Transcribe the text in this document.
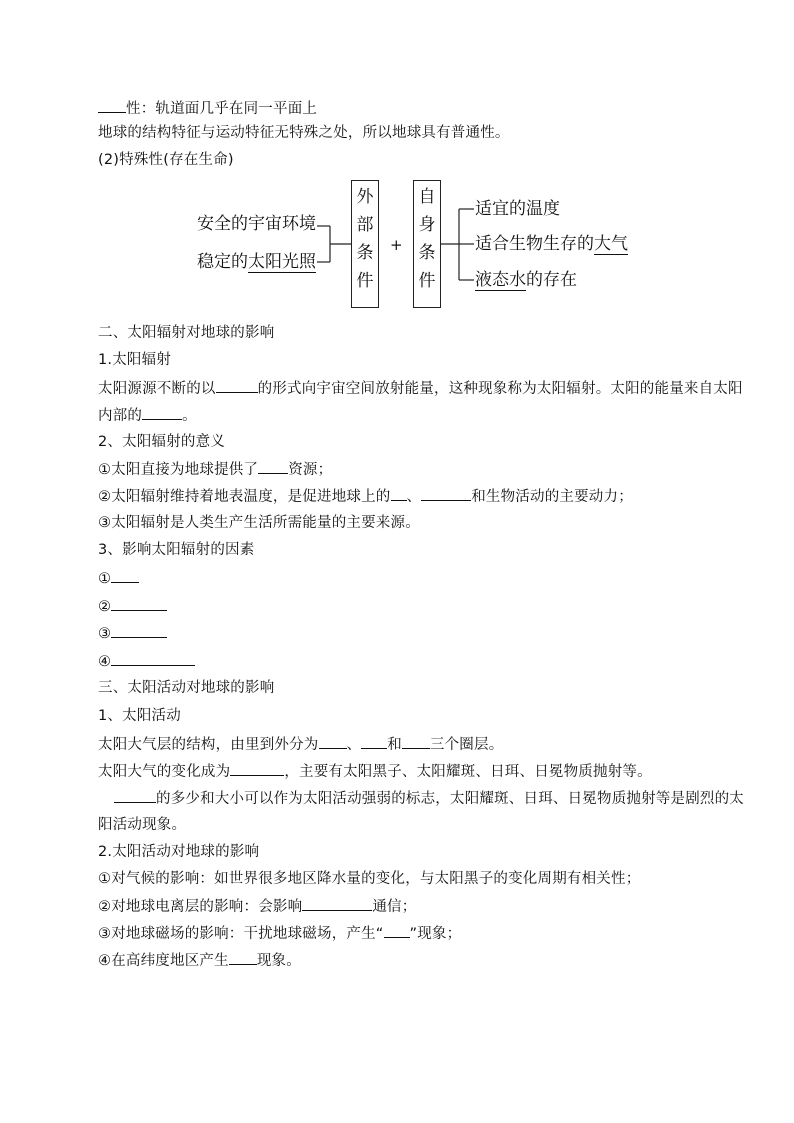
性：轨道面几乎在同一平面上
地球的结构特征与运动特征无特殊之处，所以地球具有普通性。
(2)特殊性(存在生命)
安全的宇宙环境
稳定的太阳光照
外
部
条
件
+
自
身
条
件
适宜的温度
适合生物生存的大气
液态水的存在
二、太阳辐射对地球的影响
1.太阳辐射
太阳源源不断的以	的形式向宇宙空间放射能量，这种现象称为太阳辐射。太阳的能量来自太阳
内部的	。
2、太阳辐射的意义
①太阳直接为地球提供了 资源；
②太阳辐射维持着地表温度，是促进地球上的 、	和生物活动的主要动力；
③太阳辐射是人类生产生活所需能量的主要来源。
3、影响太阳辐射的因素
①
②
③
④
三、太阳活动对地球的影响
1、太阳活动
太阳大气层的结构，由里到外分为 、 和 三个圈层。
太阳大气的变化成为	，主要有太阳黑子、太阳耀斑、日珥、日冕物质抛射等。
的多少和大小可以作为太阳活动强弱的标志，太阳耀斑、日珥、日冕物质抛射等是剧烈的太
阳活动现象。
2.太阳活动对地球的影响
①对气候的影响：如世界很多地区降水量的变化，与太阳黑子的变化周期有相关性；
②对地球电离层的影响：会影响	通信；
③对地球磁场的影响：干扰地球磁场，产生“ ”现象；
④在高纬度地区产生 现象。
